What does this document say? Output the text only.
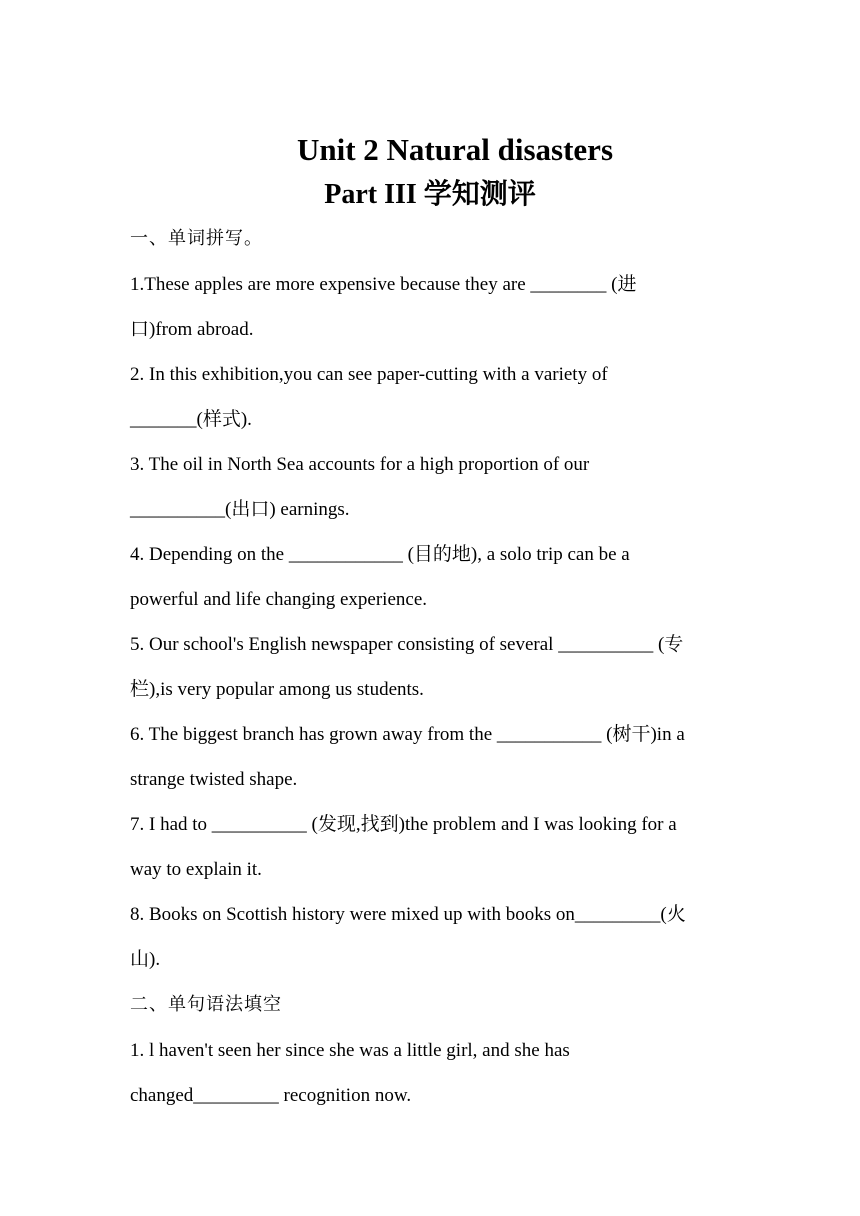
Unit 2 Natural disasters
Part III 学知测评
一、单词拼写。
1.These apples are more expensive because they are ________ (进
口)from abroad.
2. In this exhibition,you can see paper-cutting with a variety of
_______(样式).
3. The oil in North Sea accounts for a high proportion of our
__________(出口) earnings.
4. Depending on the ____________ (目的地), a solo trip can be a
powerful and life changing experience.
5. Our school's English newspaper consisting of several __________ (专
栏),is very popular among us students.
6. The biggest branch has grown away from the ___________ (树干)in a
strange twisted shape.
7. I had to __________ (发现,找到)the problem and I was looking for a
way to explain it.
8. Books on Scottish history were mixed up with books on_________(火
山).
二、单句语法填空
1. l haven't seen her since she was a little girl, and she has
changed_________ recognition now.
